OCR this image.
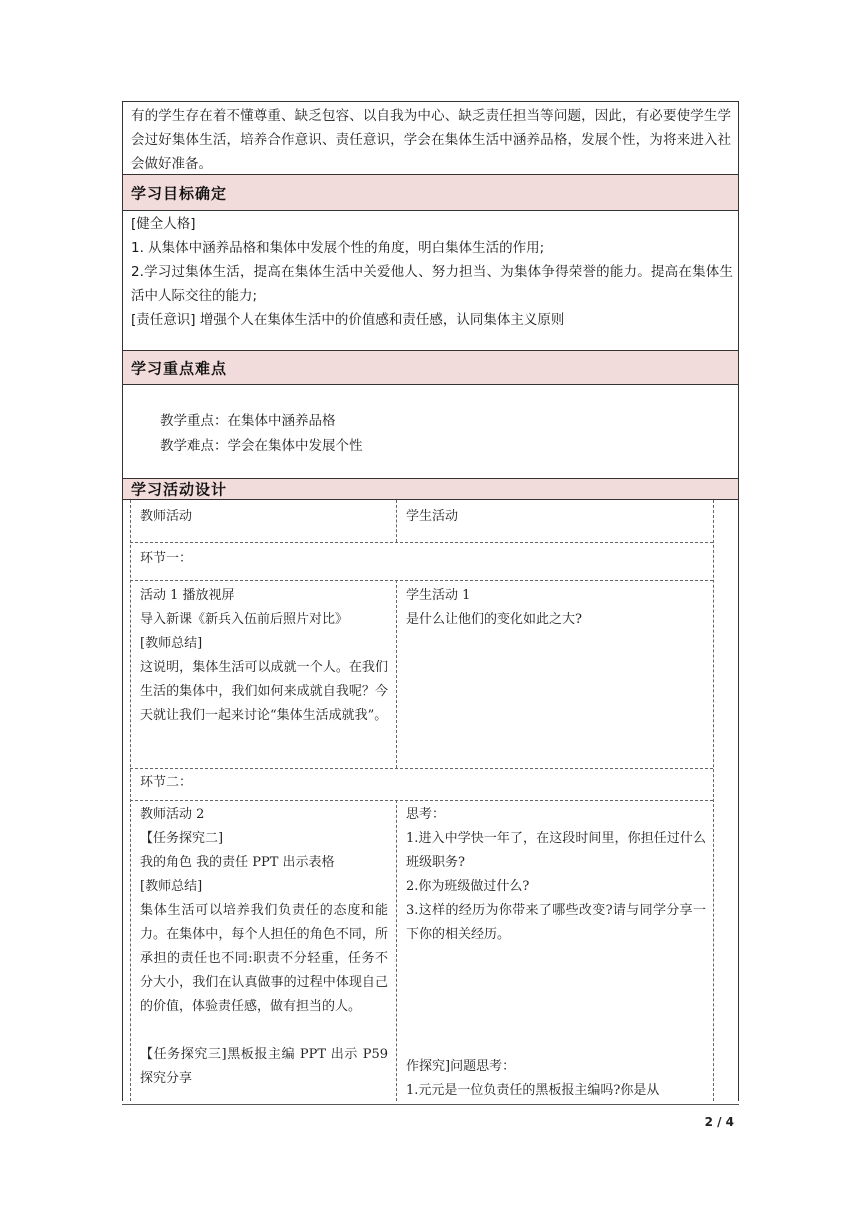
有的学生存在着不懂尊重、缺乏包容、以自我为中心、缺乏责任担当等问题，因此，有必要使学生学会过好集体生活，培养合作意识、责任意识，学会在集体生活中涵养品格，发展个性，为将来进入社会做好准备。
学习目标确定

[健全人格]

1. 从集体中涵养品格和集体中发展个性的角度，明白集体生活的作用;

2.学习过集体生活，提高在集体生活中关爱他人、努力担当、为集体争得荣誉的能力。提高在集体生活中人际交往的能力;

[责任意识] 增强个人在集体生活中的价值感和责任感，认同集体主义原则

学习重点难点
学习活动设计

教学重点：在集体中涵养品格

教学难点：学会在集体中发展个性

教师活动	学生活动
环节一：

活动 1 播放视屏

导入新课《新兵入伍前后照片对比》

[教师总结]

这说明，集体生活可以成就一个人。在我们生活的集体中，我们如何来成就自我呢？今天就让我们一起来讨论“集体生活成就我”。

学生活动 1

是什么让他们的变化如此之大?

环节二：

教师活动 2

【任务探究二]

我的角色 我的责任 PPT 出示表格

[教师总结]

集体生活可以培养我们负责任的态度和能力。在集体中，每个人担任的角色不同，所承担的责任也不同:职责不分轻重，任务不分大小，我们在认真做事的过程中体现自己的价值，体验责任感，做有担当的人。

【任务探究三]黑板报主编 PPT 出示 P59 探究分享

思考：

1.进入中学快一年了，在这段时间里，你担任过什么班级职务?

2.你为班级做过什么?

3.这样的经历为你带来了哪些改变?请与同学分享一下你的相关经历。

作探究]问题思考：

1.元元是一位负责任的黑板报主编吗?你是从

2 / 4
